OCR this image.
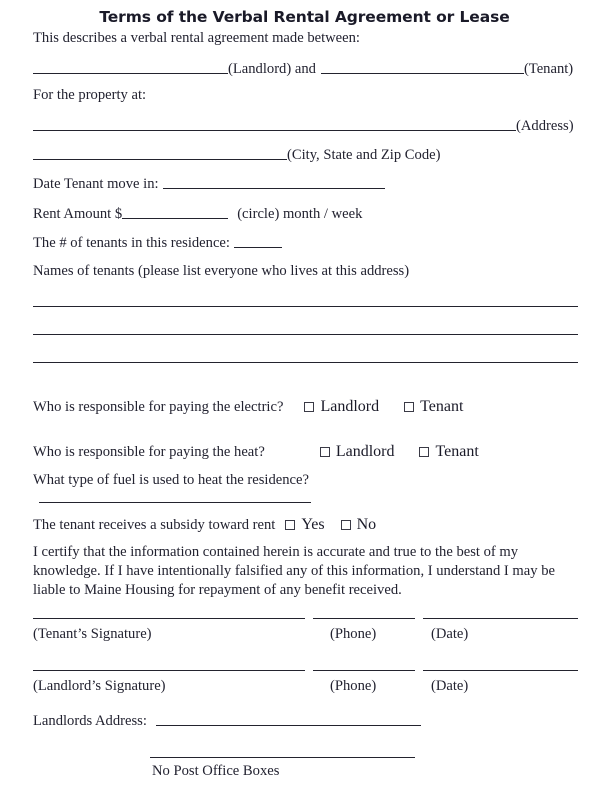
Terms of the Verbal Rental Agreement or Lease
This describes a verbal rental agreement made between:
(Landlord) and	(Tenant)
For the property at:
(Address)
(City, State and Zip Code)
Date Tenant move in:
Rent Amount $	(circle) month / week
The # of tenants in this residence:
Names of tenants (please list everyone who lives at this address)
Who is responsible for paying the electric? Landlord	Tenant
Who is responsible for paying the heat?	Landlord	Tenant
What type of fuel is used to heat the residence?
The tenant receives a subsidy toward rent Yes No
I certify that the information contained herein is accurate and true to the best of my knowledge. If I have intentionally falsified any of this information, I understand I may be liable to Maine Housing for repayment of any benefit received.
(Tenant’s Signature)	(Phone)	(Date)
(Landlord’s Signature)	(Phone)	(Date)
Landlords Address:
No Post Office Boxes
